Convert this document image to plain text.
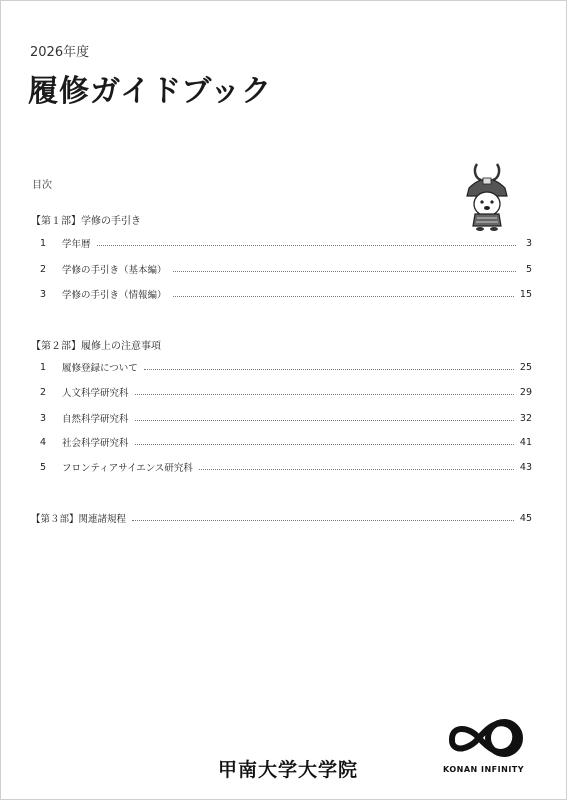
2026年度
履修ガイドブック
目次
【第１部】学修の手引き
1	学年暦	3
2	学修の手引き（基本編）	5
3	学修の手引き（情報編）	15
【第２部】履修上の注意事項
1	履修登録について	25
2	人文科学研究科	29
3	自然科学研究科	32
4	社会科学研究科	41
5	フロンティアサイエンス研究科	43
【第３部】関連諸規程	45
甲南大学大学院	KONAN INFINITY
